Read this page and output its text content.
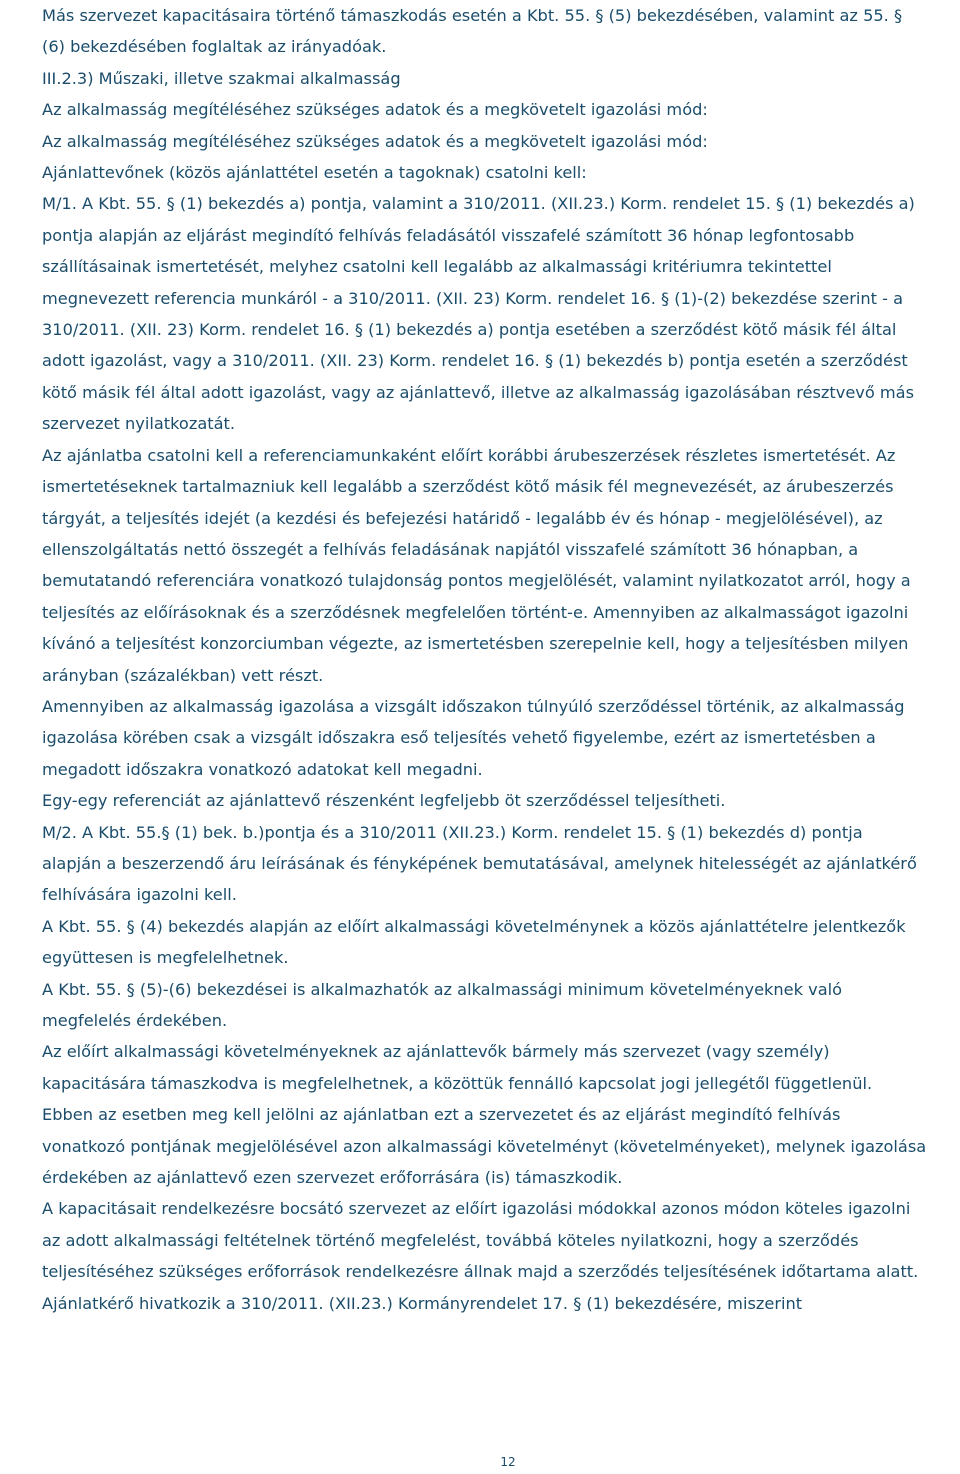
Más szervezet kapacitásaira történő támaszkodás esetén a Kbt. 55. § (5) bekezdésében, valamint az 55. § (6) bekezdésében foglaltak az irányadóak.

III.2.3) Műszaki, illetve szakmai alkalmasság

Az alkalmasság megítéléséhez szükséges adatok és a megkövetelt igazolási mód:

Az alkalmasság megítéléséhez szükséges adatok és a megkövetelt igazolási mód:

Ajánlattevőnek (közös ajánlattétel esetén a tagoknak) csatolni kell:

M/1. A Kbt. 55. § (1) bekezdés a) pontja, valamint a 310/2011. (XII.23.) Korm. rendelet 15. § (1) bekezdés a) pontja alapján az eljárást megindító felhívás feladásától visszafelé számított 36 hónap legfontosabb szállításainak ismertetését, melyhez csatolni kell legalább az alkalmassági kritériumra tekintettel megnevezett referencia munkáról - a 310/2011. (XII. 23) Korm. rendelet 16. § (1)-(2) bekezdése szerint - a 310/2011. (XII. 23) Korm. rendelet 16. § (1) bekezdés a) pontja esetében a szerződést kötő másik fél által adott igazolást, vagy a 310/2011. (XII. 23) Korm. rendelet 16. § (1) bekezdés b) pontja esetén a szerződést kötő másik fél által adott igazolást, vagy az ajánlattevő, illetve az alkalmasság igazolásában résztvevő más szervezet nyilatkozatát.

Az ajánlatba csatolni kell a referenciamunkaként előírt korábbi árubeszerzések részletes ismertetését. Az ismertetéseknek tartalmazniuk kell legalább a szerződést kötő másik fél megnevezését, az árubeszerzés tárgyát, a teljesítés idejét (a kezdési és befejezési határidő - legalább év és hónap - megjelölésével), az ellenszolgáltatás nettó összegét a felhívás feladásának napjától visszafelé számított 36 hónapban, a bemutatandó referenciára vonatkozó tulajdonság pontos megjelölését, valamint nyilatkozatot arról, hogy a teljesítés az előírásoknak és a szerződésnek megfelelően történt-e. Amennyiben az alkalmasságot igazolni kívánó a teljesítést konzorciumban végezte, az ismertetésben szerepelnie kell, hogy a teljesítésben milyen arányban (százalékban) vett részt.

Amennyiben az alkalmasság igazolása a vizsgált időszakon túlnyúló szerződéssel történik, az alkalmasság igazolása körében csak a vizsgált időszakra eső teljesítés vehető figyelembe, ezért az ismertetésben a megadott időszakra vonatkozó adatokat kell megadni.

Egy-egy referenciát az ajánlattevő részenként legfeljebb öt szerződéssel teljesítheti.

M/2. A Kbt. 55.§ (1) bek. b.)pontja és a 310/2011 (XII.23.) Korm. rendelet 15. § (1) bekezdés d) pontja alapján a beszerzendő áru leírásának és fényképének bemutatásával, amelynek hitelességét az ajánlatkérő felhívására igazolni kell.

A Kbt. 55. § (4) bekezdés alapján az előírt alkalmassági követelménynek a közös ajánlattételre jelentkezők együttesen is megfelelhetnek.

A Kbt. 55. § (5)-(6) bekezdései is alkalmazhatók az alkalmassági minimum követelményeknek való megfelelés érdekében.

Az előírt alkalmassági követelményeknek az ajánlattevők bármely más szervezet (vagy személy) kapacitására támaszkodva is megfelelhetnek, a közöttük fennálló kapcsolat jogi jellegétől függetlenül.

Ebben az esetben meg kell jelölni az ajánlatban ezt a szervezetet és az eljárást megindító felhívás vonatkozó pontjának megjelölésével azon alkalmassági követelményt (követelményeket), melynek igazolása érdekében az ajánlattevő ezen szervezet erőforrására (is) támaszkodik.

A kapacitásait rendelkezésre bocsátó szervezet az előírt igazolási módokkal azonos módon köteles igazolni az adott alkalmassági feltételnek történő megfelelést, továbbá köteles nyilatkozni, hogy a szerződés teljesítéséhez szükséges erőforrások rendelkezésre állnak majd a szerződés teljesítésének időtartama alatt.

Ajánlatkérő hivatkozik a 310/2011. (XII.23.) Kormányrendelet 17. § (1) bekezdésére, miszerint

12
